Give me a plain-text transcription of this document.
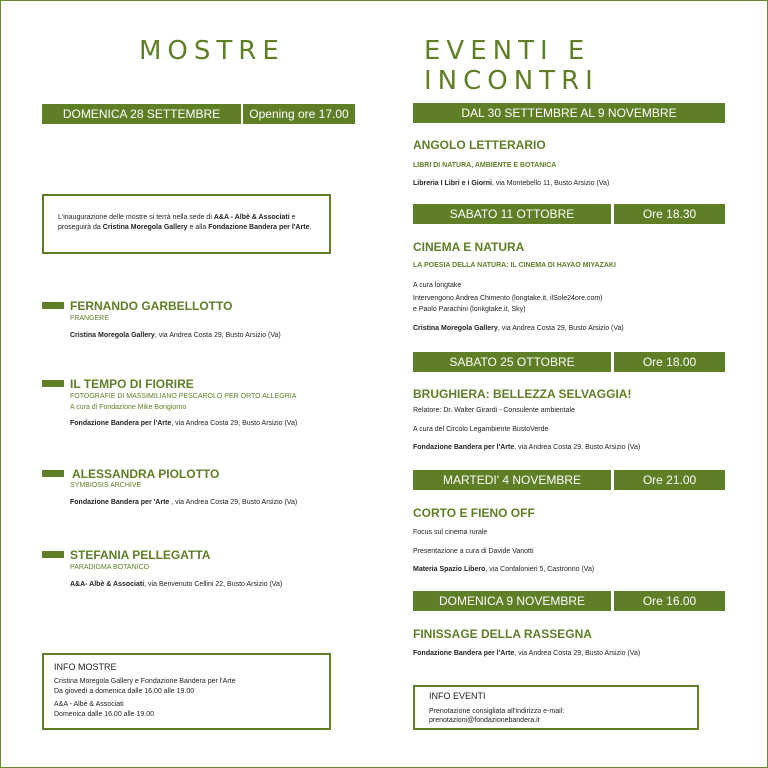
MOSTRE
DOMENICA 28 SETTEMBRE	Opening ore 17.00
L'inaugurazione delle mostre si terrà nella sede di A&A - Albè & Associati e
proseguirà da Cristina Moregola Gallery e alla Fondazione Bandera per l'Arte.
FERNANDO GARBELLOTTO
FRANGERE
Cristina Moregola Gallery, via Andrea Costa 29, Busto Arsizio (Va)
IL TEMPO DI FIORIRE
FOTOGRAFIE DI MASSIMILIANO PESCAROLO PER ORTO ALLEGRIA
A cura di Fondazione Mike Bongiorno
Fondazione Bandera per l'Arte, via Andrea Costa 29, Busto Arsizio (Va)
ALESSANDRA PIOLOTTO
SYMBIOSIS ARCHIVE
Fondazione Bandera per 'Arte , via Andrea Costa 29, Busto Arsizio (Va)
STEFANIA PELLEGATTA
PARADIGMA BOTANICO
A&A- Albè & Associati, via Benvenuto Cellini 22, Busto Arsizio (Va)
INFO MOSTRE
Cristina Moregola Gallery e Fondazione Bandera per l'Arte
Da giovedì a domenica dalle 16.00 alle 19.00
A&A - Albè & Associati
Domenica dalle 16.00 alle 19.00
EVENTI E INCONTRI
DAL 30 SETTEMBRE AL 9 NOVEMBRE
ANGOLO LETTERARIO
LIBRI DI NATURA, AMBIENTE E BOTANICA
Libreria I Libri e i Giorni, via Montebello 11, Busto Arsizio (Va)
SABATO 11 OTTOBRE	Ore 18.30
CINEMA E NATURA
LA POESIA DELLA NATURA: IL CINEMA DI HAYAO MIYAZAKI
A cura longtake
Intervengono Andrea Chimento (longtake.it, ilSole24ore.com)
e Paolo Parachini (lonkgtake.it, Sky)
Cristina Moregola Gallery, via Andrea Costa 29, Busto Arsizio (Va)
SABATO 25 OTTOBRE	Ore 18.00
BRUGHIERA: BELLEZZA SELVAGGIA!
Relatore: Dr. Walter Girardi - Consulente ambientale
A cura del Circolo Legambiente BustoVerde
Fondazione Bandera per l'Arte, via Andrea Costa 29, Busto Arsizio (Va)
MARTEDI' 4 NOVEMBRE	Ore 21.00
CORTO E FIENO OFF
Focus sul cinema rurale
Presentazione a cura di Davide Vanotti
Materia Spazio Libero, via Confalonieri 5, Castronno (Va)
DOMENICA 9 NOVEMBRE	Ore 16.00
FINISSAGE DELLA RASSEGNA
Fondazione Bandera per l'Arte, via Andrea Costa 29, Busto Arsizio (Va)
INFO EVENTI
Prenotazione consigliata all'indirizzo e-mail:
prenotazioni@fondazionebandera.it
